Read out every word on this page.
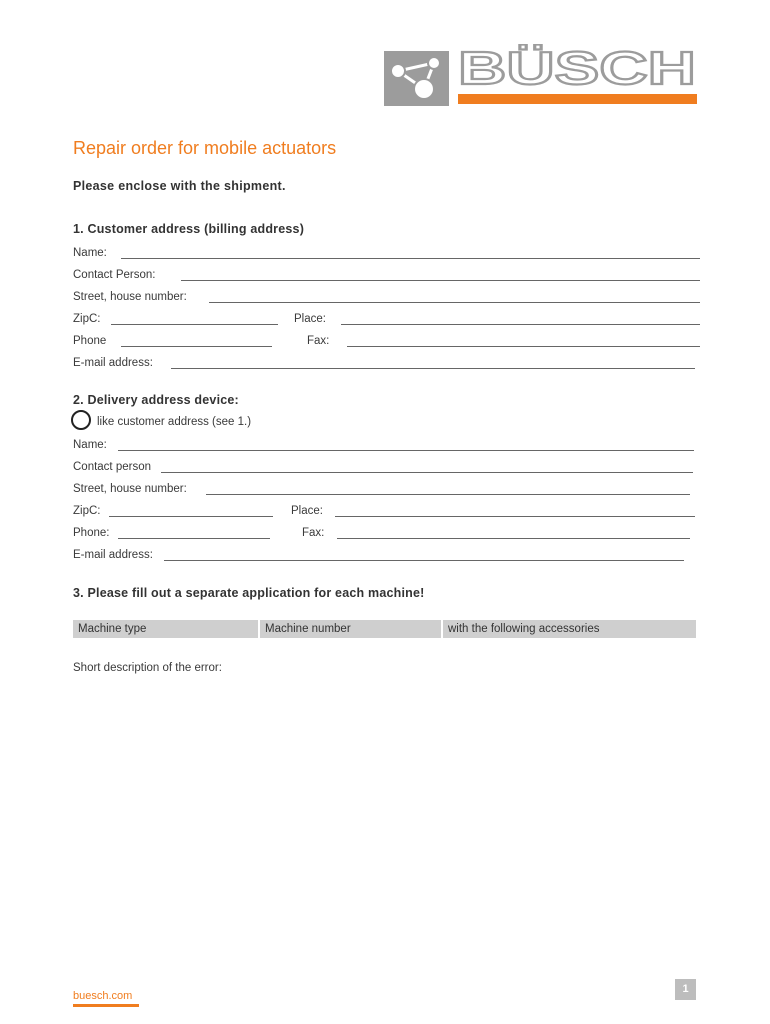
BÜSCH
Repair order for mobile actuators
Please enclose with the shipment.
1. Customer address (billing address)
Name:
Contact Person:
Street, house number:
ZipC:	Place:
Phone	Fax:
E-mail address:
2. Delivery address device:
like customer address (see 1.)
Name:
Contact person
Street, house number:
ZipC:	Place:
Phone:	Fax:
E-mail address:
3. Please fill out a separate application for each machine!
Machine type	Machine number	with the following accessories
Short description of the error:
buesch.com
1
